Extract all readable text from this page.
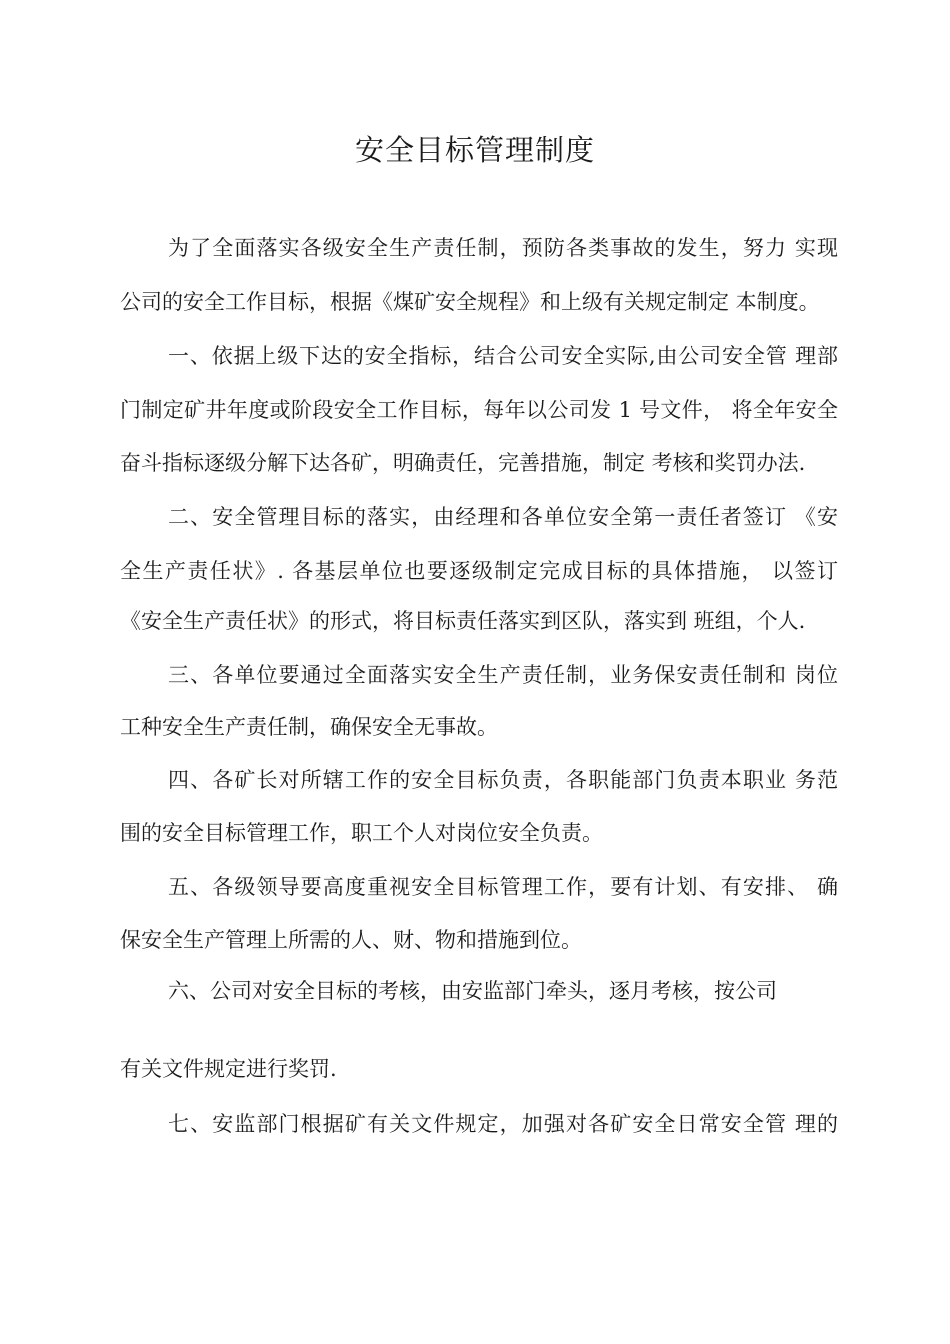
安全目标管理制度
为了全面落实各级安全生产责任制，预防各类事故的发生，努力 实现
公司的安全工作目标，根据《煤矿安全规程》和上级有关规定制定 本制度。
一、依据上级下达的安全指标，结合公司安全实际,由公司安全管 理部
门制定矿井年度或阶段安全工作目标，每年以公司发 1 号文件， 将全年安全
奋斗指标逐级分解下达各矿，明确责任，完善措施，制定 考核和奖罚办法.
二、安全管理目标的落实，由经理和各单位安全第一责任者签订 《安
全生产责任状》. 各基层单位也要逐级制定完成目标的具体措施， 以签订
《安全生产责任状》的形式，将目标责任落实到区队，落实到 班组，个人.
三、各单位要通过全面落实安全生产责任制，业务保安责任制和 岗位
工种安全生产责任制，确保安全无事故。
四、各矿长对所辖工作的安全目标负责，各职能部门负责本职业 务范
围的安全目标管理工作，职工个人对岗位安全负责。
五、各级领导要高度重视安全目标管理工作，要有计划、有安排、 确
保安全生产管理上所需的人、财、物和措施到位。
六、公司对安全目标的考核，由安监部门牵头，逐月考核，按公司
有关文件规定进行奖罚.
七、安监部门根据矿有关文件规定，加强对各矿安全日常安全管 理的
